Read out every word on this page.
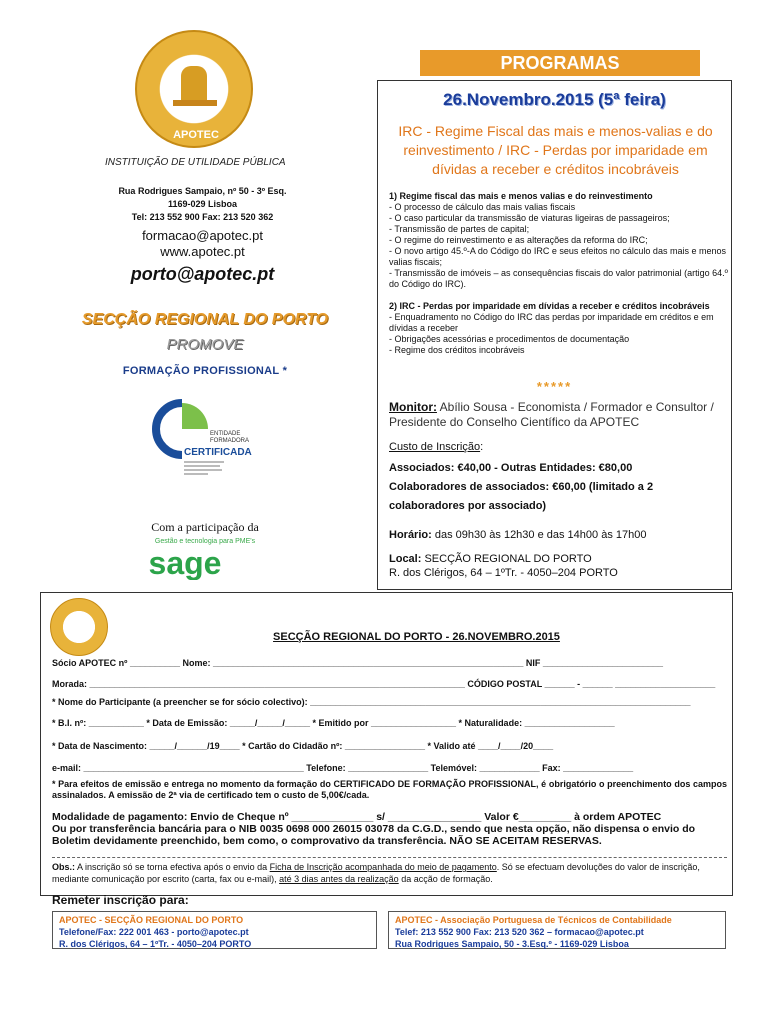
APOTEC
INSTITUIÇÃO DE UTILIDADE PÚBLICA
Rua Rodrigues Sampaio, nº 50 - 3º Esq.
1169-029 Lisboa
Tel: 213 552 900 Fax: 213 520 362
formacao@apotec.pt
www.apotec.pt
porto@apotec.pt
SECÇÃO REGIONAL DO PORTO
PROMOVE
FORMAÇÃO PROFISSIONAL *
ENTIDADE
FORMADORA
CERTIFICADA
Com a participação da
Gestão e tecnologia para PME's
sage
PROGRAMAS
26.Novembro.2015 (5ª feira)
IRC - Regime Fiscal das mais e menos-valias e do reinvestimento / IRC - Perdas por imparidade em dívidas a receber e créditos incobráveis
1) Regime fiscal das mais e menos valias e do reinvestimento
- O processo de cálculo das mais valias fiscais
- O caso particular da transmissão de viaturas ligeiras de passageiros;
- Transmissão de partes de capital;
- O regime do reinvestimento e as alterações da reforma do IRC;
- O novo artigo 45.º-A do Código do IRC e seus efeitos no cálculo das mais e menos valias fiscais;
- Transmissão de imóveis – as consequências fiscais do valor patrimonial (artigo 64.º do Código do IRC).
2) IRC - Perdas por imparidade em dívidas a receber e créditos incobráveis
- Enquadramento no Código do IRC das perdas por imparidade em créditos e em dívidas a receber
- Obrigações acessórias e procedimentos de documentação
- Regime dos créditos incobráveis
*****
Monitor: Abílio Sousa - Economista / Formador e Consultor / Presidente do Conselho Científico da APOTEC
Custo de Inscrição:
Associados: €40,00 - Outras Entidades: €80,00
Colaboradores de associados: €60,00 (limitado a 2 colaboradores por associado)
Horário: das 09h30 às 12h30 e das 14h00 às 17h00
Local: SECÇÃO REGIONAL DO PORTO
R. dos Clérigos, 64 – 1ºTr. - 4050–204 PORTO
SECÇÃO REGIONAL DO PORTO - 26.NOVEMBRO.2015
Sócio APOTEC nº __________ Nome: ______________________________________________________________ NIF ________________________
Morada: ___________________________________________________________________________ CÓDIGO POSTAL ______ - ______ ____________________
* Nome do Participante (a preencher se for sócio colectivo): ____________________________________________________________________________
* B.I. nº: ___________ * Data de Emissão: _____/_____/_____ * Emitido por _________________ * Naturalidade: __________________
* Data de Nascimento: _____/______/19____ * Cartão do Cidadão nº: ________________ * Valido até ____/____/20____
e-mail: ____________________________________________ Telefone: ________________ Telemóvel: ____________ Fax: ______________
* Para efeitos de emissão e entrega no momento da formação do CERTIFICADO DE FORMAÇÃO PROFISSIONAL, é obrigatório o preenchimento dos campos assinalados. A emissão de 2ª via de certificado tem o custo de 5,00€/cada.
Modalidade de pagamento: Envio de Cheque nº ______________ s/ ________________ Valor €_________ à ordem APOTEC
Ou por transferência bancária para o NIB 0035 0698 000 26015 03078 da C.G.D., sendo que nesta opção, não dispensa o envio do Boletim devidamente preenchido, bem como, o comprovativo da transferência. NÃO SE ACEITAM RESERVAS.
Obs.: A inscrição só se torna efectiva após o envio da Ficha de Inscrição acompanhada do meio de pagamento. Só se efectuam devoluções do valor de inscrição, mediante comunicação por escrito (carta, fax ou e-mail), até 3 dias antes da realização da acção de formação.
Remeter inscrição para:
APOTEC - SECÇÃO REGIONAL DO PORTO
Telefone/Fax: 222 001 463 - porto@apotec.pt
R. dos Clérigos, 64 – 1ºTr. - 4050–204 PORTO
APOTEC - Associação Portuguesa de Técnicos de Contabilidade
Telef: 213 552 900 Fax: 213 520 362 – formacao@apotec.pt
Rua Rodrigues Sampaio, 50 - 3.Esq.º - 1169-029 Lisboa
